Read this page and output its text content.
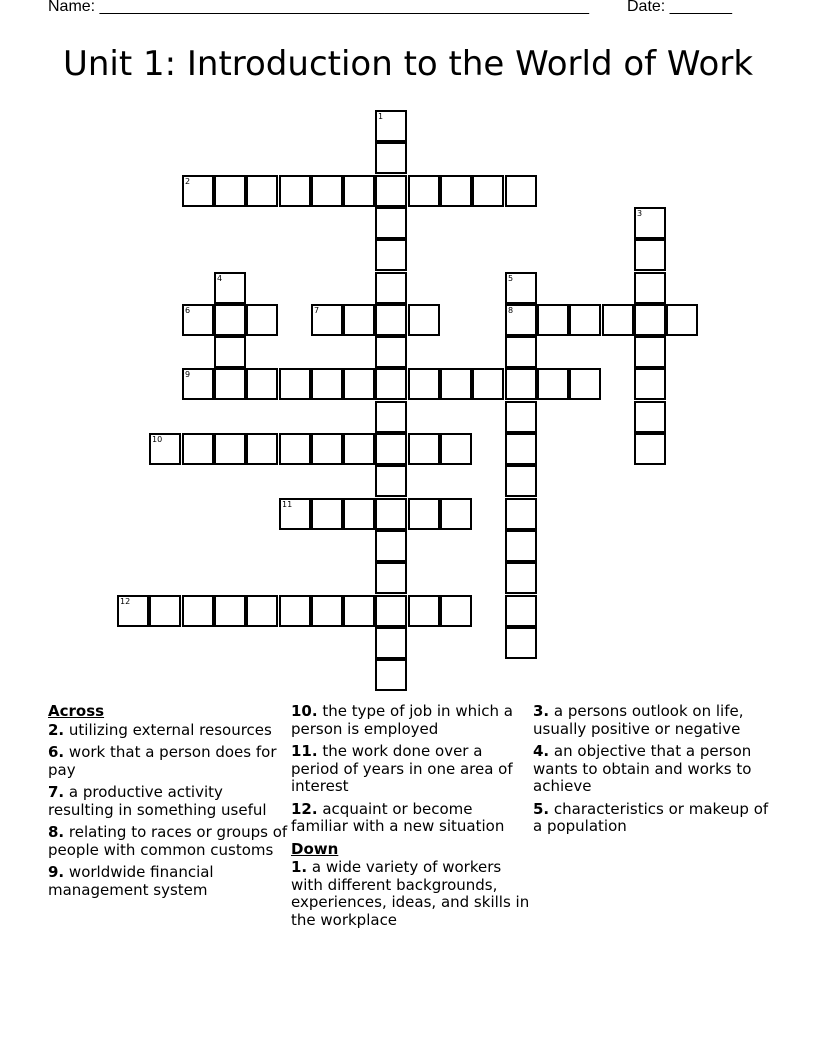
Name: _______________________________________________________ Date: _______
Unit 1: Introduction to the World of Work
1
2
3
4	5
8
6	7
9
10
11
12
Across
2. utilizing external resources
6. work that a person does for pay
7. a productive activity resulting in something useful
8. relating to races or groups of people with common customs
9. worldwide financial management system
10. the type of job in which a person is employed
11. the work done over a period of years in one area of interest
12. acquaint or become familiar with a new situation
Down
1. a wide variety of workers with different backgrounds, experiences, ideas, and skills in the workplace
3. a persons outlook on life, usually positive or negative
4. an objective that a person wants to obtain and works to achieve
5. characteristics or makeup of a population
